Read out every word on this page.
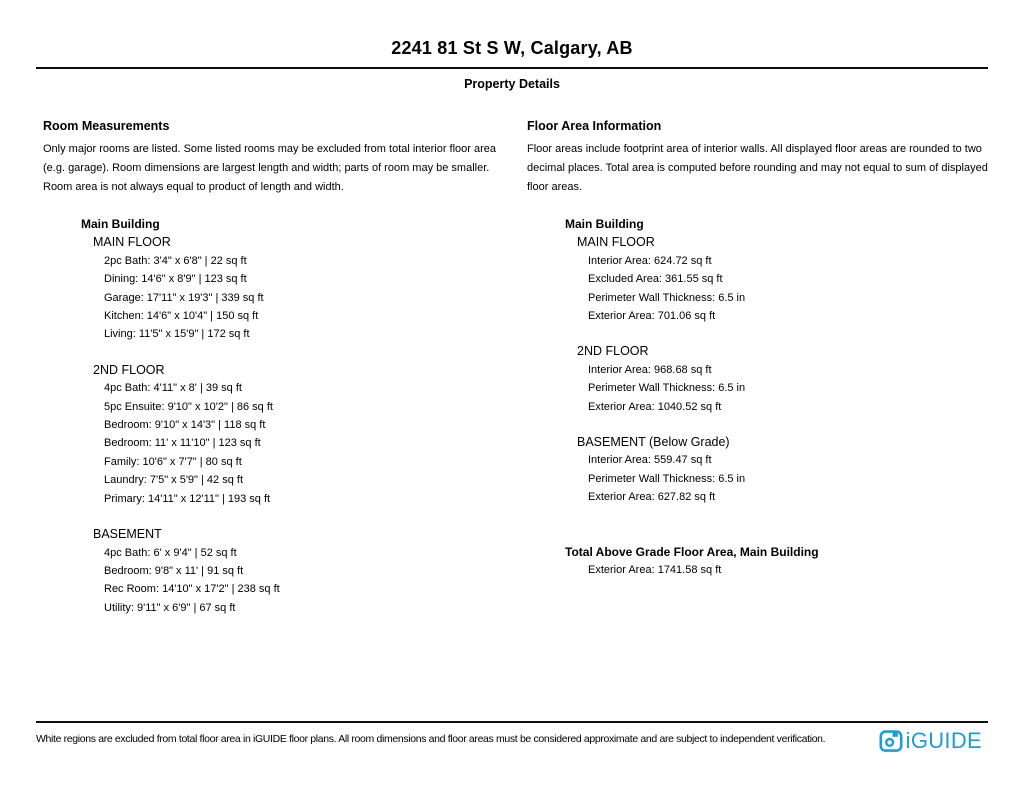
2241 81 St S W, Calgary, AB
Property Details
Room Measurements
Only major rooms are listed. Some listed rooms may be excluded from total interior floor area (e.g. garage). Room dimensions are largest length and width; parts of room may be smaller. Room area is not always equal to product of length and width.
Main Building
MAIN FLOOR
2pc Bath: 3'4" x 6'8" | 22 sq ft
Dining: 14'6" x 8'9" | 123 sq ft
Garage: 17'11" x 19'3" | 339 sq ft
Kitchen: 14'6" x 10'4" | 150 sq ft
Living: 11'5" x 15'9" | 172 sq ft
2ND FLOOR
4pc Bath: 4'11" x 8' | 39 sq ft
5pc Ensuite: 9'10" x 10'2" | 86 sq ft
Bedroom: 9'10" x 14'3" | 118 sq ft
Bedroom: 11' x 11'10" | 123 sq ft
Family: 10'6" x 7'7" | 80 sq ft
Laundry: 7'5" x 5'9" | 42 sq ft
Primary: 14'11" x 12'11" | 193 sq ft
BASEMENT
4pc Bath: 6' x 9'4" | 52 sq ft
Bedroom: 9'8" x 11' | 91 sq ft
Rec Room: 14'10" x 17'2" | 238 sq ft
Utility: 9'11" x 6'9" | 67 sq ft
Floor Area Information
Floor areas include footprint area of interior walls. All displayed floor areas are rounded to two decimal places. Total area is computed before rounding and may not equal to sum of displayed floor areas.
Main Building
MAIN FLOOR
Interior Area: 624.72 sq ft
Excluded Area: 361.55 sq ft
Perimeter Wall Thickness: 6.5 in
Exterior Area: 701.06 sq ft
2ND FLOOR
Interior Area: 968.68 sq ft
Perimeter Wall Thickness: 6.5 in
Exterior Area: 1040.52 sq ft
BASEMENT (Below Grade)
Interior Area: 559.47 sq ft
Perimeter Wall Thickness: 6.5 in
Exterior Area: 627.82 sq ft
Total Above Grade Floor Area, Main Building
Exterior Area: 1741.58 sq ft
White regions are excluded from total floor area in iGUIDE floor plans. All room dimensions and floor areas must be considered approximate and are subject to independent verification.	iGUIDE
